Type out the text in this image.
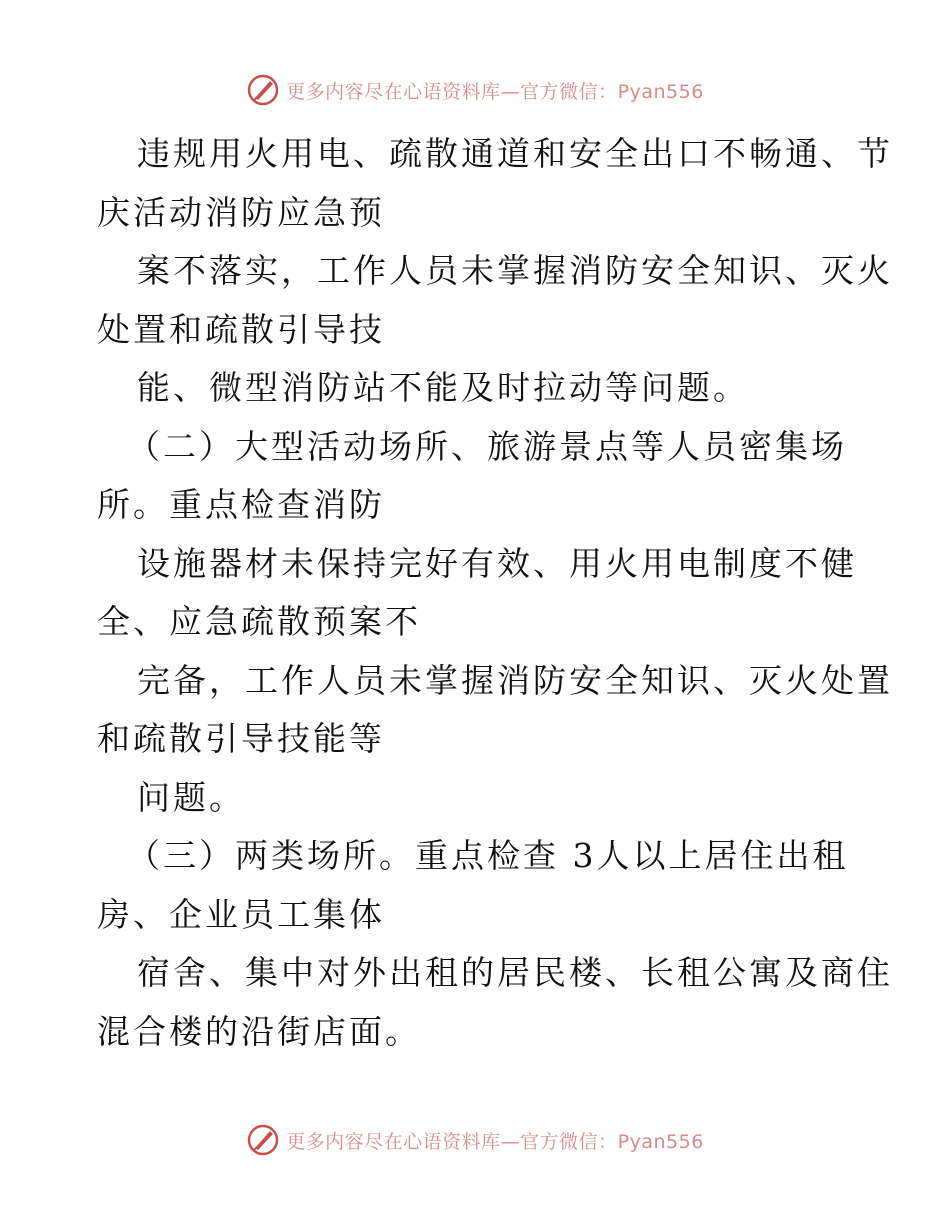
更多内容尽在心语资料库—官方微信：Pyan556
违规用火用电、疏散通道和安全出口不畅通、节
庆活动消防应急预
案不落实，工作人员未掌握消防安全知识、灭火
处置和疏散引导技
能、微型消防站不能及时拉动等问题。
（二）大型活动场所、旅游景点等人员密集场
所。重点检查消防
设施器材未保持完好有效、用火用电制度不健
全、应急疏散预案不
完备，工作人员未掌握消防安全知识、灭火处置
和疏散引导技能等
问题。
（三）两类场所。重点检查 3人以上居住出租
房、企业员工集体
宿舍、集中对外出租的居民楼、长租公寓及商住
混合楼的沿街店面。
更多内容尽在心语资料库—官方微信：Pyan556
